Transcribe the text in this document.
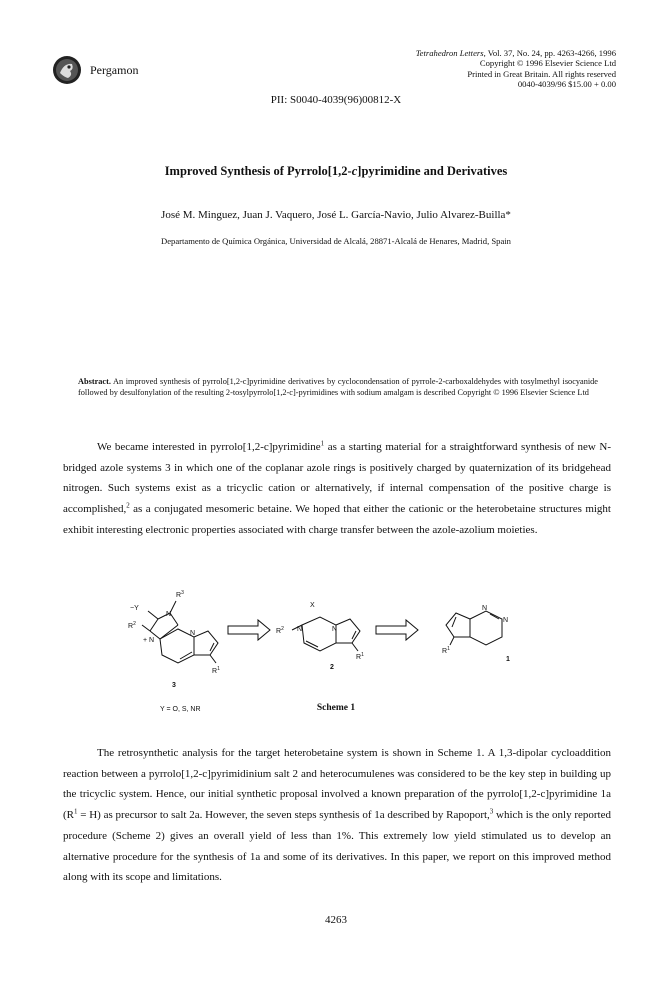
Pergamon
Tetrahedron Letters, Vol. 37, No. 24, pp. 4263-4266, 1996
Copyright © 1996 Elsevier Science Ltd
Printed in Great Britain. All rights reserved
0040-4039/96 $15.00 + 0.00
PII: S0040-4039(96)00812-X
Improved Synthesis of Pyrrolo[1,2-c]pyrimidine and Derivatives
José M. Minguez, Juan J. Vaquero, José L. García-Navio, Julio Alvarez-Builla*
Departamento de Química Orgánica, Universidad de Alcalá, 28871-Alcalá de Henares, Madrid, Spain
Abstract. An improved synthesis of pyrrolo[1,2-c]pyrimidine derivatives by cyclocondensation of pyrrole-2-carboxaldehydes with tosylmethyl isocyanide followed by desulfonylation of the resulting 2-tosylpyrrolo[1,2-c]-pyrimidines with sodium amalgam is described Copyright © 1996 Elsevier Science Ltd

We became interested in pyrrolo[1,2-c]pyrimidine$^1$ as a starting material for a straightforward synthesis of new N-bridged azole systems 3 in which one of the coplanar azole rings is positively charged by quaternization of its bridgehead nitrogen. Such systems exist as a tricyclic cation or alternatively, if internal compensation of the positive charge is accomplished,$^2$ as a conjugated mesomeric betaine. We hoped that either the cationic or the heterobetaine structures might exhibit interesting electronic properties associated with charge transfer between the azole-azolium moieties.

−Y
$R^3$
N
$R^2$
+ N
N
$R^1$
3
Y = O, S, NR
X
$R^2$ N	N
$R^1$
2
N
N
$R^1$
1
Scheme 1

The retrosynthetic analysis for the target heterobetaine system is shown in Scheme 1. A 1,3-dipolar cycloaddition reaction between a pyrrolo[1,2-c]pyrimidinium salt 2 and heterocumulenes was considered to be the key step in building up the tricyclic system. Hence, our initial synthetic proposal involved a known preparation of the pyrrolo[1,2-c]pyrimidine 1a $(R^1 = H)$ as precursor to salt 2a. However, the seven steps synthesis of 1a described by Rapoport,$^3$ which is the only reported procedure (Scheme 2) gives an overall yield of less than 1%. This extremely low yield stimulated us to develop an alternative procedure for the synthesis of 1a and some of its derivatives. In this paper, we report on this improved method along with its scope and limitations.

4263
